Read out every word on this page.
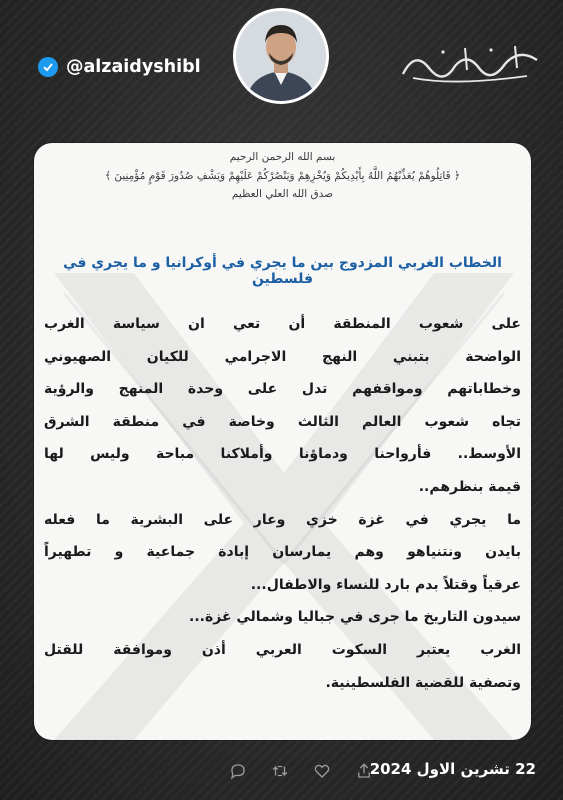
@alzaidyshibl
بسم الله الرحمن الرحيم
﴿ قَاتِلُوهُمْ يُعَذِّبْهُمُ اللَّهُ بِأَيْدِيكُمْ وَيُخْزِهِمْ وَيَنْصُرْكُمْ عَلَيْهِمْ وَيَشْفِ صُدُورَ قَوْمٍ مُؤْمِنِينَ ﴾
صدق الله العلي العظيم
الخطاب الغربي المزدوج بين ما يجري في أوكرانيا و ما يجري في فلسطين
على شعوب المنطقة أن تعي ان سياسة الغرب
الواضحة بتبني النهج الاجرامي للكيان الصهيوني
وخطاباتهم ومواقفهم تدل على وحدة المنهج والرؤية
تجاه شعوب العالم الثالث وخاصة في منطقة الشرق
الأوسط.. فأرواحنا ودماؤنا وأملاكنا مباحة وليس لها
قيمة بنظرهم..
ما يجري في غزة خزي وعار على البشرية ما فعله
بايدن ونتنياهو وهم يمارسان إبادة جماعية و تطهيراً
عرقياً وقتلاً بدم بارد للنساء والاطفال...
سيدون التاريخ ما جرى في جباليا وشمالي غزة...
الغرب يعتبر السكوت العربي أذن وموافقة للقتل
وتصفية للقضية الفلسطينية.
22 تشرين الاول 2024
